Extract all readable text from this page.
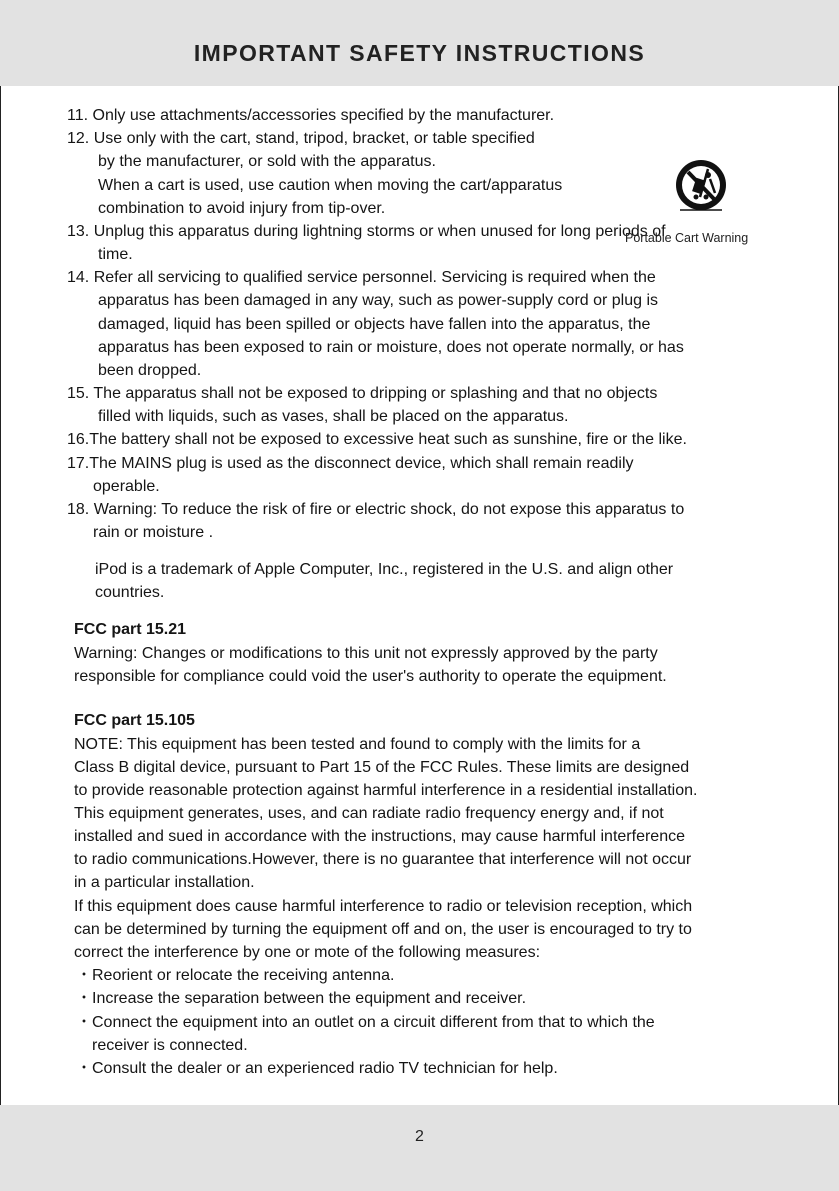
IMPORTANT SAFETY INSTRUCTIONS
11. Only use attachments/accessories specified by the manufacturer.
12. Use only with the cart, stand, tripod, bracket, or table specified
by the manufacturer, or sold with the apparatus.
When a cart is used, use caution when moving the cart/apparatus
combination to avoid injury from tip-over.
13. Unplug this apparatus during lightning storms or when unused for long periods of
time.
14. Refer all servicing to qualified service personnel. Servicing is required when the
apparatus has been damaged in any way, such as power-supply cord or plug is
damaged, liquid has been spilled or objects have fallen into the apparatus, the
apparatus has been exposed to rain or moisture, does not operate normally, or has
been dropped.
15. The apparatus shall not be exposed to dripping or splashing and that no objects
filled with liquids, such as vases, shall be placed on the apparatus.
16.The battery shall not be exposed to excessive heat such as sunshine, fire or the like.
17.The MAINS plug is used as the disconnect device, which shall remain readily
operable.
18. Warning: To reduce the risk of fire or electric shock, do not expose this apparatus to
rain or moisture .
iPod is a trademark of Apple Computer, Inc., registered in the U.S. and align other
countries.
FCC part 15.21
Warning: Changes or modifications to this unit not expressly approved by the party
responsible for compliance could void the user's authority to operate the equipment.
FCC part 15.105
NOTE: This equipment has been tested and found to comply with the limits for a
Class B digital device, pursuant to Part 15 of the FCC Rules. These limits are designed
to provide reasonable protection against harmful interference in a residential installation.
This equipment generates, uses, and can radiate radio frequency energy and, if not
installed and sued in accordance with the instructions, may cause harmful interference
to radio communications.However, there is no guarantee that interference will not occur
in a particular installation.
If this equipment does cause harmful interference to radio or television reception, which
can be determined by turning the equipment off and on, the user is encouraged to try to
correct the interference by one or mote of the following measures:
・Reorient or relocate the receiving antenna.
・Increase the separation between the equipment and receiver.
・Connect the equipment into an outlet on a circuit different from that to which the
receiver is connected.
・Consult the dealer or an experienced radio TV technician for help.
Portable Cart Warning
2
